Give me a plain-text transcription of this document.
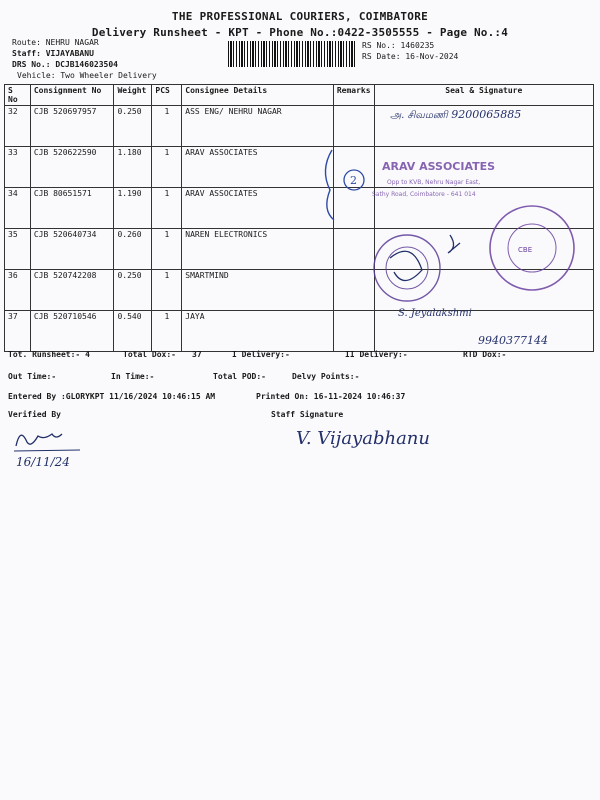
THE PROFESSIONAL COURIERS, COIMBATORE
Delivery Runsheet - KPT - Phone No.:0422-3505555 - Page No.:4
Route: NEHRU NAGAR
Staff: VIJAYABANU
DRS No.: DCJB146023504
Vehicle: Two Wheeler Delivery
RS No.: 1460235
RS Date: 16-Nov-2024
S No	Consignment No	Weight	PCS	Consignee Details	Remarks	Seal & Signature
32	CJB 520697957	0.250	1	ASS ENG/ NEHRU NAGAR		
33	CJB 520622590	1.180	1	ARAV ASSOCIATES		
34	CJB 80651571	1.190	1	ARAV ASSOCIATES		
35	CJB 520640734	0.260	1	NAREN ELECTRONICS		
36	CJB 520742208	0.250	1	SMARTMIND		
37	CJB 520710546	0.540	1	JAYA		
அ. சிவமணி 9200065885
2
ARAV ASSOCIATES
Opp to KVB, Nehru Nagar East, Sathy Road, Coimbatore - 641 014
CBE
S. Jeyalakshmi
9940377144
Tot. Runsheet:- 4	Total Dox:- 37	I Delivery:-	II Delivery:-	RTD Dox:-
Out Time:-	In Time:-	Total POD:-	Delvy Points:-
Entered By :GLORYKPT 11/16/2024 10:46:15 AM	Printed On: 16-11-2024 10:46:37
Verified By	Staff Signature
16/11/24
V. Vijayabhanu
